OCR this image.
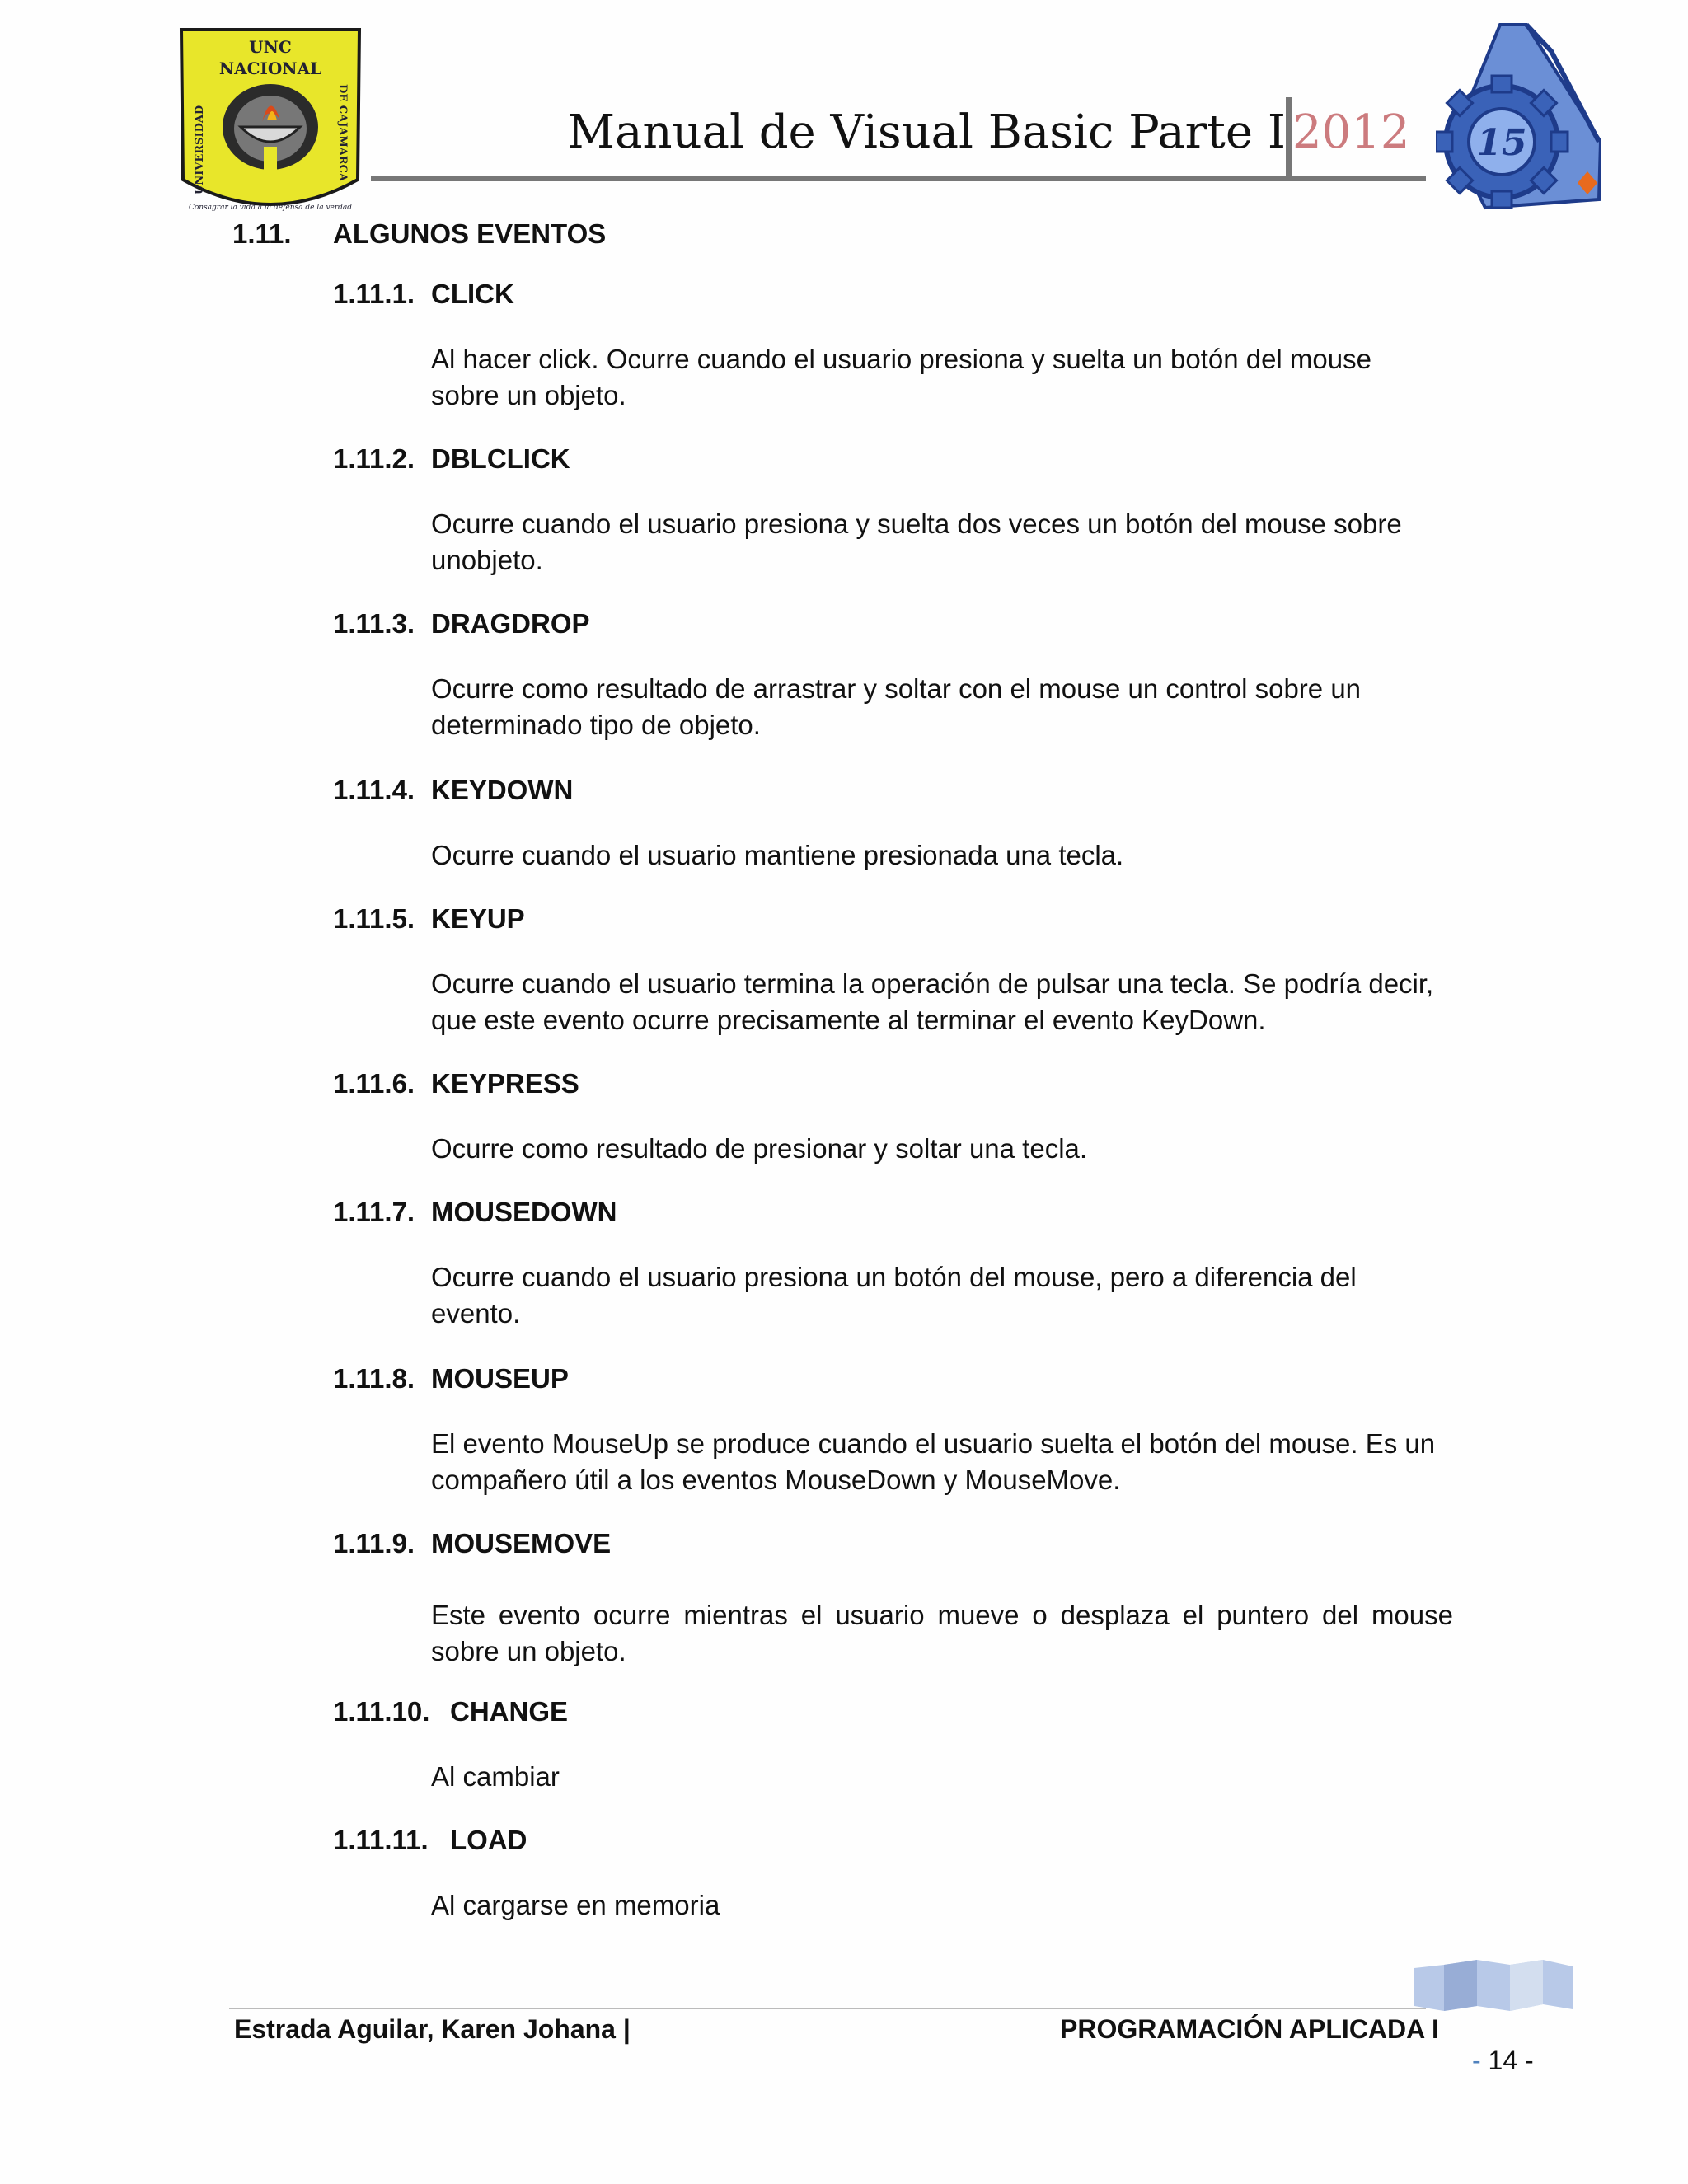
UNC
NACIONAL
UNIVERSIDAD	DE CAJAMARCA
Consagrar la vida a la defensa de la verdad
Manual de Visual Basic Parte I 2012	15
1.11. ALGUNOS EVENTOS
1.11.1. CLICK
Al hacer click. Ocurre cuando el usuario presiona y suelta un botón del mouse
sobre un objeto.
1.11.2. DBLCLICK
Ocurre cuando el usuario presiona y suelta dos veces un botón del mouse sobre
unobjeto.
1.11.3. DRAGDROP
Ocurre como resultado de arrastrar y soltar con el mouse un control sobre un
determinado tipo de objeto.
1.11.4. KEYDOWN
Ocurre cuando el usuario mantiene presionada una tecla.
1.11.5. KEYUP
Ocurre cuando el usuario termina la operación de pulsar una tecla. Se podría decir,
que este evento ocurre precisamente al terminar el evento KeyDown.
1.11.6. KEYPRESS
Ocurre como resultado de presionar y soltar una tecla.
1.11.7. MOUSEDOWN
Ocurre cuando el usuario presiona un botón del mouse, pero a diferencia del
evento.
1.11.8. MOUSEUP
El evento MouseUp se produce cuando el usuario suelta el botón del mouse. Es un
compañero útil a los eventos MouseDown y MouseMove.
1.11.9. MOUSEMOVE
Este evento ocurre mientras el usuario mueve o desplaza el puntero del mouse
sobre un objeto.
1.11.10. CHANGE
Al cambiar
1.11.11. LOAD
Al cargarse en memoria
Estrada Aguilar, Karen Johana |	PROGRAMACIÓN APLICADA I
- 14 -
